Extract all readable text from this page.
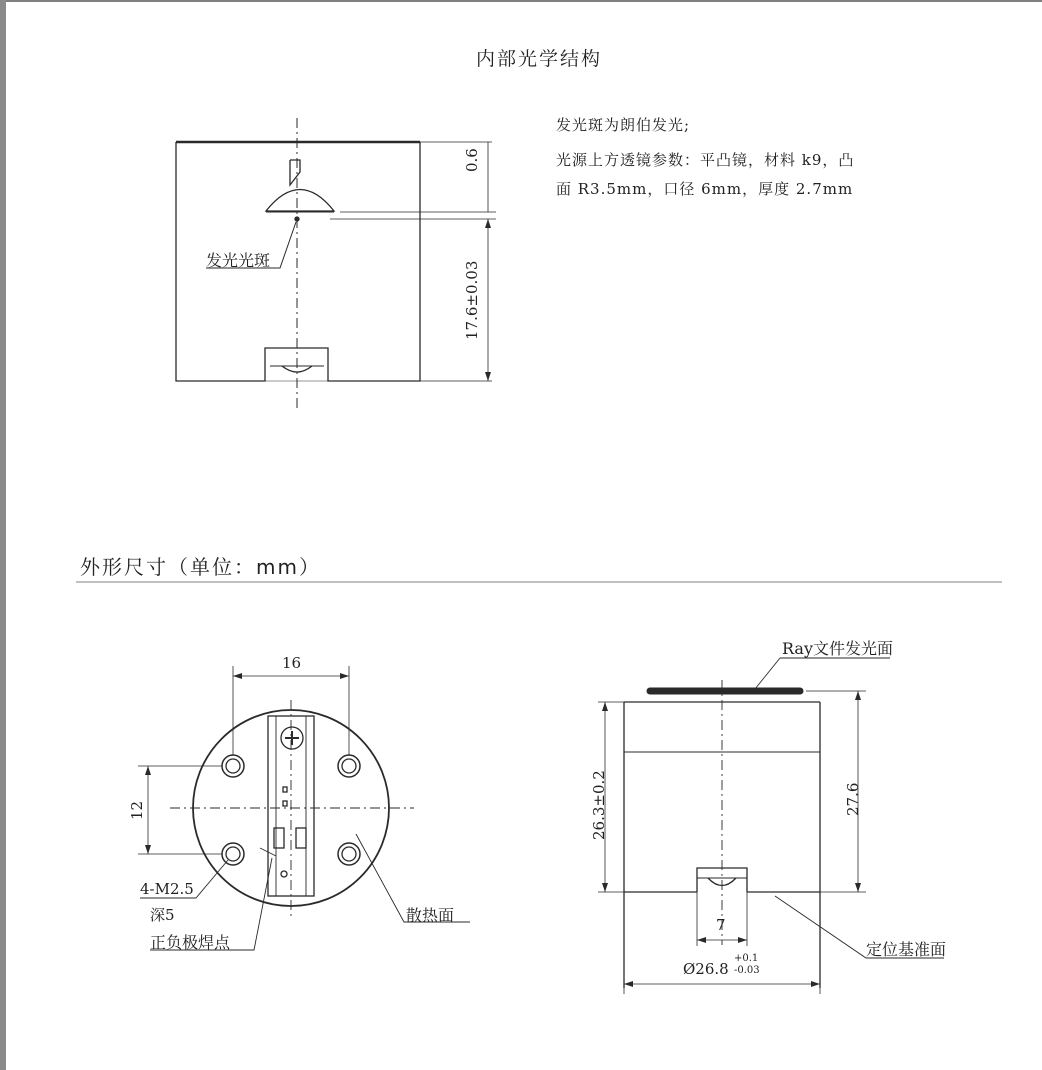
内部光学结构
发光斑为朗伯发光;
光源上方透镜参数：平凸镜，材料 k9，凸
面 R3.5mm，口径 6mm，厚度 2.7mm
发光光斑
0.6
17.6±0.03
外形尺寸（单位：mm）
16
12
4-M2.5
深5
正负极焊点
散热面
Ray文件发光面
26.3±0.2	27.6
7
Ø26.8
+0.1
-0.03
定位基准面
